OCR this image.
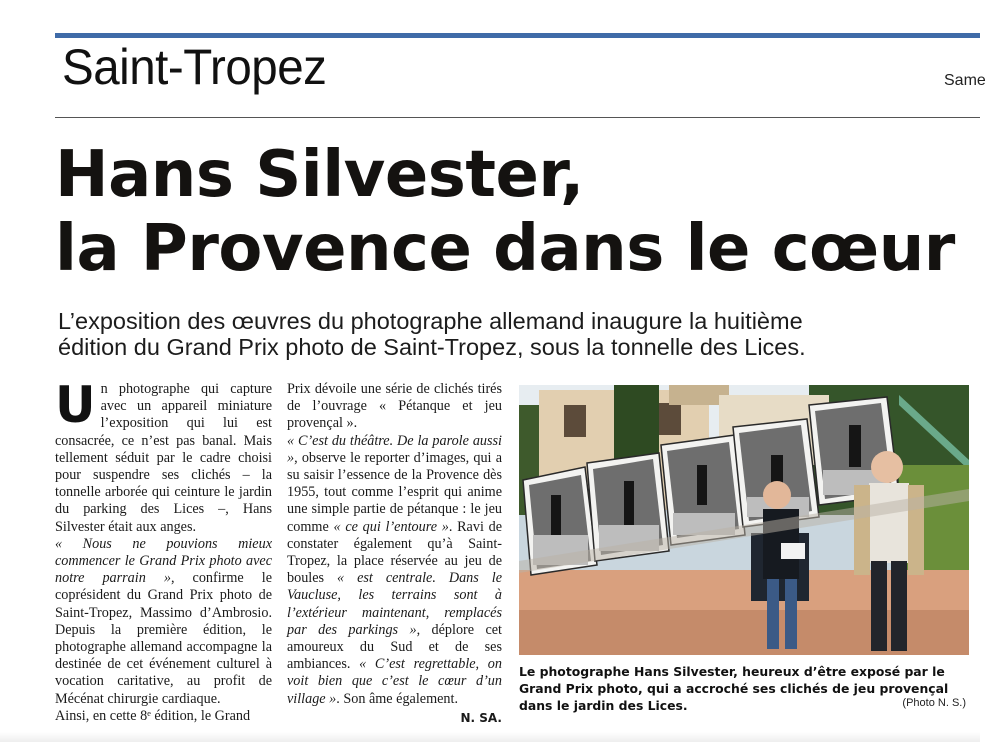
Saint-Tropez	Same
Hans Silvester,
la Provence dans le cœur
L’exposition des œuvres du photographe allemand inaugure la huitième
édition du Grand Prix photo de Saint-Tropez, sous la tonnelle des Lices.

Un photographe qui capture avec un appareil miniature l’exposition qui lui est consacrée, ce n’est pas banal. Mais tellement séduit par le cadre choisi pour suspendre ses clichés – la tonnelle arborée qui ceinture le jardin du parking des Lices –, Hans Silvester était aux anges.

« Nous ne pouvions mieux commencer le Grand Prix photo avec notre parrain », confirme le coprésident du Grand Prix photo de Saint-Tropez, Massimo d’Ambrosio. Depuis la première édition, le photographe allemand accompagne la destinée de cet événement culturel à vocation caritative, au profit de Mécénat chirurgie cardiaque.

Ainsi, en cette 8ᵉ édition, le Grand

Prix dévoile une série de clichés tirés de l’ouvrage « Pétanque et jeu provençal ».

« C’est du théâtre. De la parole aussi », observe le reporter d’images, qui a su saisir l’essence de la Provence dès 1955, tout comme l’esprit qui anime une simple partie de pétanque : le jeu comme « ce qui l’entoure ». Ravi de constater également qu’à Saint-Tropez, la place réservée au jeu de boules « est centrale. Dans le Vaucluse, les terrains sont à l’extérieur maintenant, remplacés par des parkings », déplore cet amoureux du Sud et de ses ambiances. « C’est regrettable, on voit bien que c’est le cœur d’un village ». Son âme également.

N. SA.
Le photographe Hans Silvester, heureux d’être exposé par le Grand Prix photo, qui a accroché ses clichés de jeu provençal dans le jardin des Lices.	(Photo N. S.)
